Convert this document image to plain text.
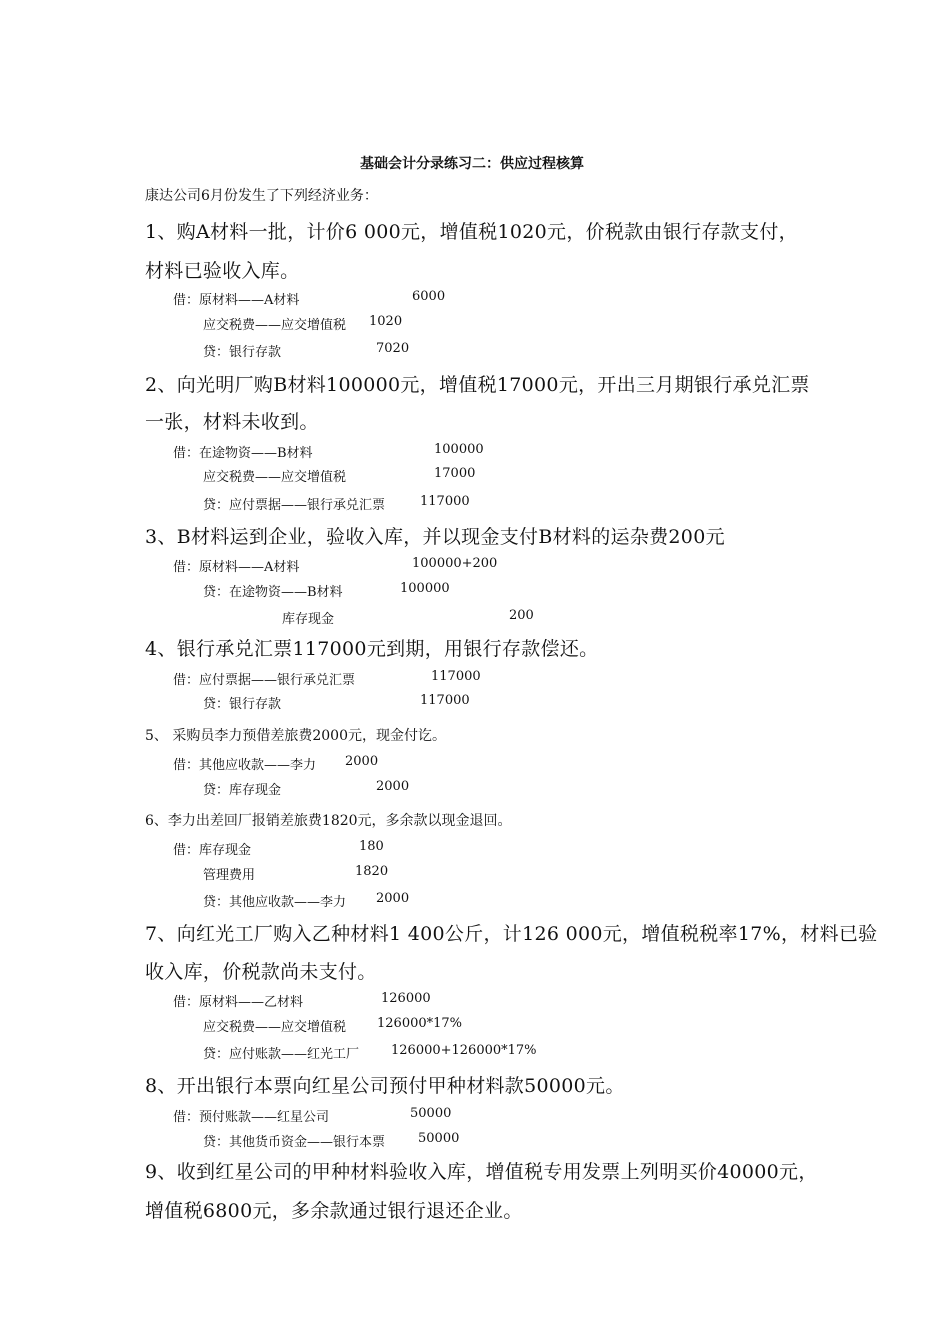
基础会计分录练习二：供应过程核算
康达公司6月份发生了下列经济业务：
1、购A材料一批，计价6 000元，增值税1020元，价税款由银行存款支付，
材料已验收入库。
借：原材料——A材料	6000
应交税费——应交增值税 1020
贷：银行存款	7020
2、向光明厂购B材料100000元，增值税17000元，开出三月期银行承兑汇票
一张，材料未收到。
借：在途物资——B材料	100000
应交税费——应交增值税	17000
贷：应付票据——银行承兑汇票	117000
3、B材料运到企业，验收入库，并以现金支付B材料的运杂费200元
借：原材料——A材料	100000+200
贷：在途物资——B材料	100000
库存现金	200
4、银行承兑汇票117000元到期，用银行存款偿还。
借：应付票据——银行承兑汇票	117000
贷：银行存款	117000
5、 采购员李力预借差旅费2000元，现金付讫。
借：其他应收款——李力 2000
贷：库存现金	2000
6、李力出差回厂报销差旅费1820元，多余款以现金退回。
借：库存现金	180
管理费用	1820
贷：其他应收款——李力 2000
7、向红光工厂购入乙种材料1 400公斤，计126 000元，增值税税率17%，材料已验
收入库，价税款尚未支付。
借：原材料——乙材料	126000
应交税费——应交增值税 126000*17%
贷：应付账款——红光工厂 126000+126000*17%
8、开出银行本票向红星公司预付甲种材料款50000元。
借：预付账款——红星公司	50000
贷：其他货币资金——银行本票	50000
9、收到红星公司的甲种材料验收入库，增值税专用发票上列明买价40000元，
增值税6800元，多余款通过银行退还企业。
